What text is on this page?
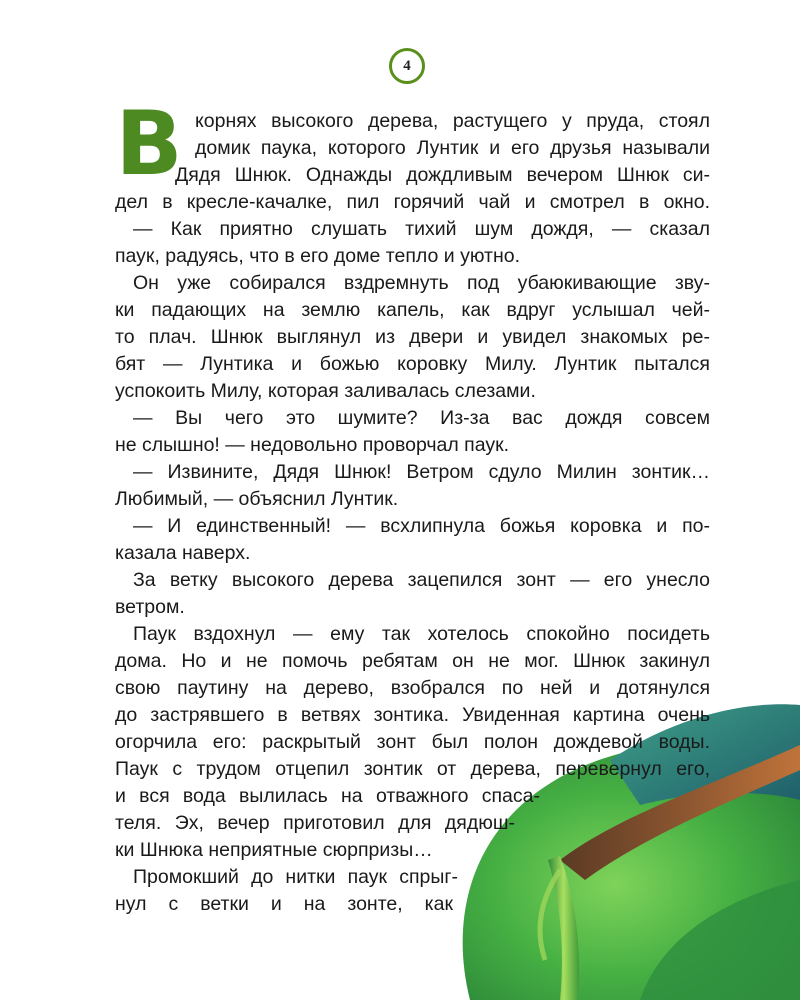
4
В корнях высокого дерева, растущего у пруда, стоял
домик паука, которого Лунтик и его друзья называли
Дядя Шнюк. Однажды дождливым вечером Шнюк си-
дел в кресле-качалке, пил горячий чай и смотрел в окно.
— Как приятно слушать тихий шум дождя, — сказал
паук, радуясь, что в его доме тепло и уютно.
Он уже собирался вздремнуть под убаюкивающие зву-
ки падающих на землю капель, как вдруг услышал чей-
то плач. Шнюк выглянул из двери и увидел знакомых ре-
бят — Лунтика и божью коровку Милу. Лунтик пытался
успокоить Милу, которая заливалась слезами.
— Вы чего это шумите? Из-за вас дождя совсем
не слышно! — недовольно проворчал паук.
— Извините, Дядя Шнюк! Ветром сдуло Милин зонтик…
Любимый, — объяснил Лунтик.
— И единственный! — всхлипнула божья коровка и по-
казала наверх.
За ветку высокого дерева зацепился зонт — его унесло
ветром.
Паук вздохнул — ему так хотелось спокойно посидеть
дома. Но и не помочь ребятам он не мог. Шнюк закинул
свою паутину на дерево, взобрался по ней и дотянулся
до застрявшего в ветвях зонтика. Увиденная картина очень
огорчила его: раскрытый зонт был полон дождевой воды.
Паук с трудом отцепил зонтик от дерева, перевернул его,
и вся вода вылилась на отважного спаса-
теля. Эх, вечер приготовил для дядюш-
ки Шнюка неприятные сюрпризы…
Промокший до нитки паук спрыг-
нул с ветки и на зонте, как
